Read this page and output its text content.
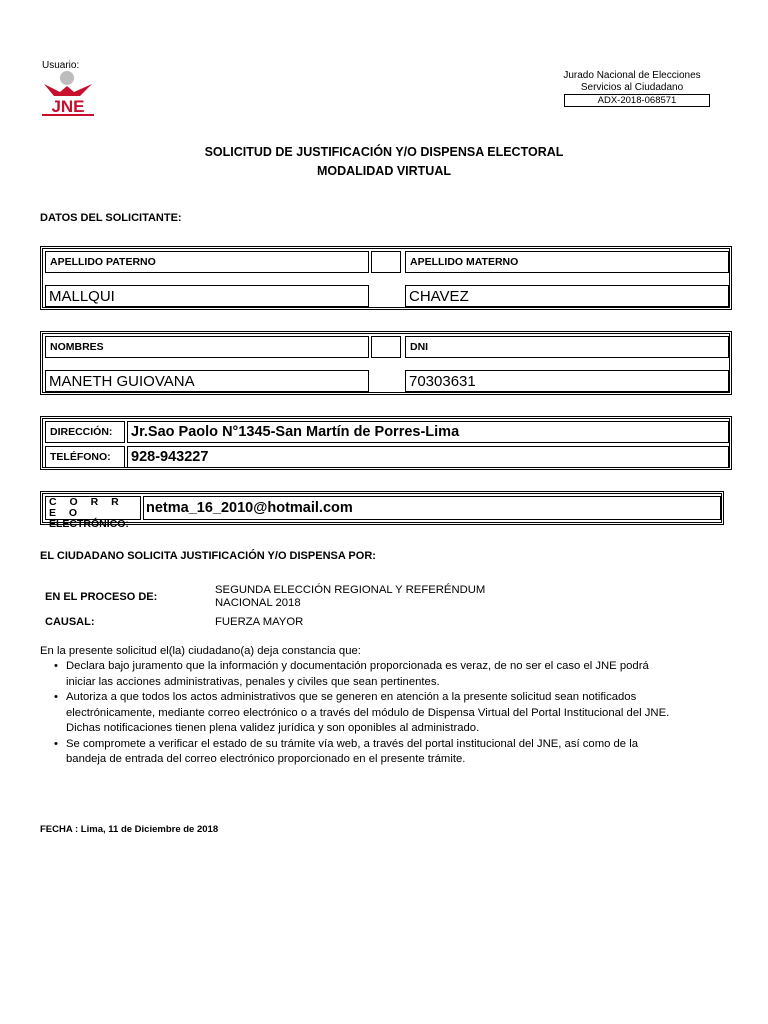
Usuario:
JNE
Jurado Nacional de Elecciones
Servicios al Ciudadano
ADX-2018-068571
SOLICITUD DE JUSTIFICACIÓN Y/O DISPENSA ELECTORAL
MODALIDAD VIRTUAL
DATOS DEL SOLICITANTE:
APELLIDO PATERNO	APELLIDO MATERNO
MALLQUI	CHAVEZ
NOMBRES	DNI
MANETH GUIOVANA	70303631
DIRECCIÓN:	Jr.Sao Paolo N°1345-San Martín de Porres-Lima
TELÉFONO:	928-943227
C O R R E O
ELECTRÓNICO:
netma_16_2010@hotmail.com
EL CIUDADANO SOLICITA JUSTIFICACIÓN Y/O DISPENSA POR:
EN EL PROCESO DE:
SEGUNDA ELECCIÓN REGIONAL Y REFERÉNDUM
NACIONAL 2018
CAUSAL:	FUERZA MAYOR
En la presente solicitud el(la) ciudadano(a) deja constancia que:
• Declara bajo juramento que la información y documentación proporcionada es veraz, de no ser el caso el JNE podrá
iniciar las acciones administrativas, penales y civiles que sean pertinentes.
• Autoriza a que todos los actos administrativos que se generen en atención a la presente solicitud sean notificados
electrónicamente, mediante correo electrónico o a través del módulo de Dispensa Virtual del Portal Institucional del JNE.
Dichas notificaciones tienen plena validez jurídica y son oponibles al administrado.
• Se compromete a verificar el estado de su trámite vía web, a través del portal institucional del JNE, así como de la
bandeja de entrada del correo electrónico proporcionado en el presente trámite.
FECHA : Lima, 11 de Diciembre de 2018
